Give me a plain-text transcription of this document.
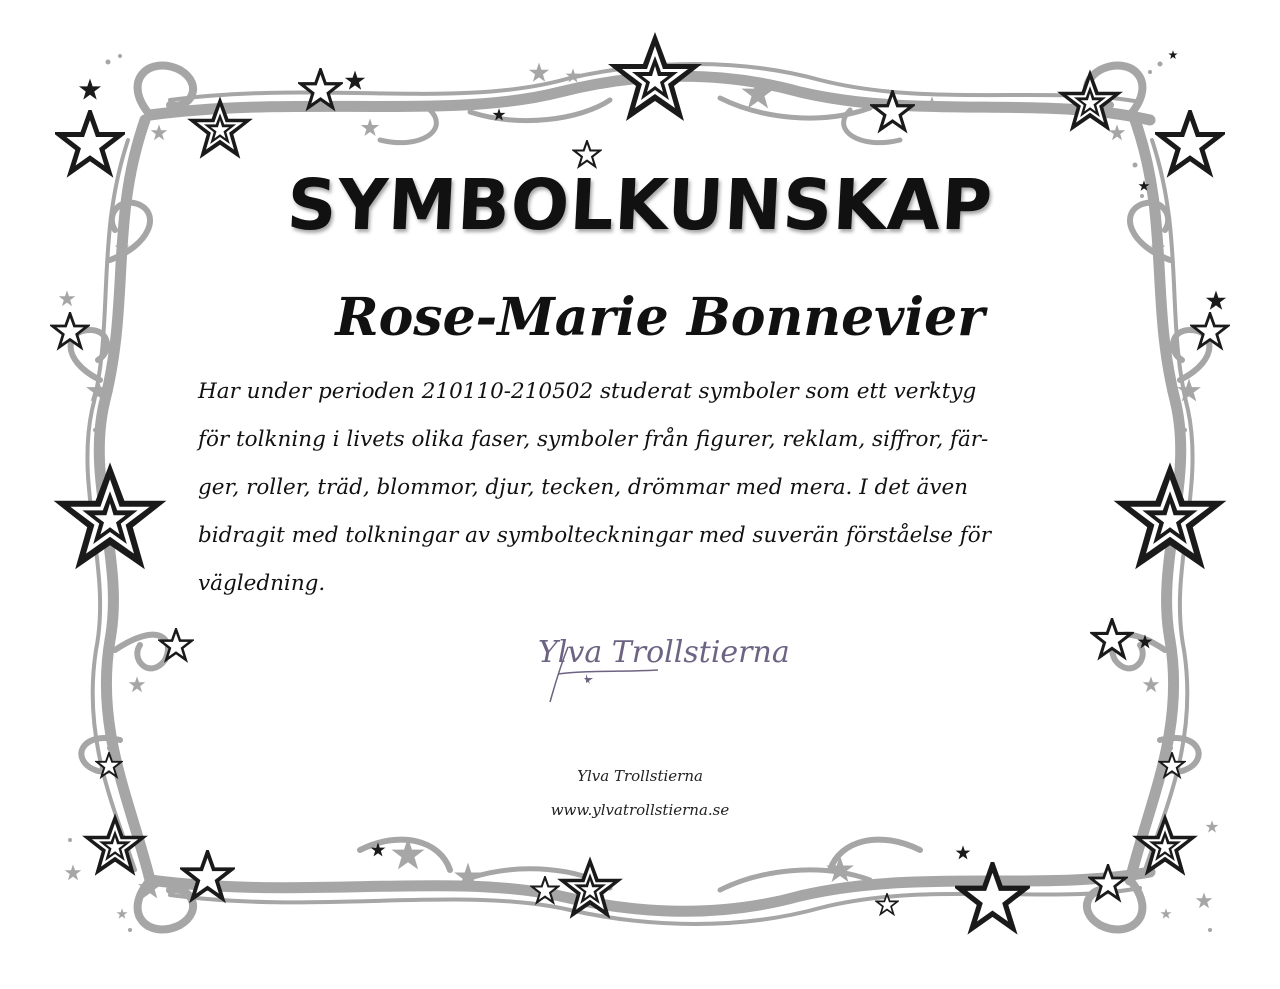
SYMBOLKUNSKAP
Rose-Marie Bonnevier
Har under perioden 210110-210502 studerat symboler som ett verktyg
för tolkning i livets olika faser, symboler från figurer, reklam, siffror, fär-
ger, roller, träd, blommor, djur, tecken, drömmar med mera. I det även
bidragit med tolkningar av symbolteckningar med suverän förståelse för
vägledning.
Ylva Trollstierna

Ylva Trollstierna

www.ylvatrollstierna.se
